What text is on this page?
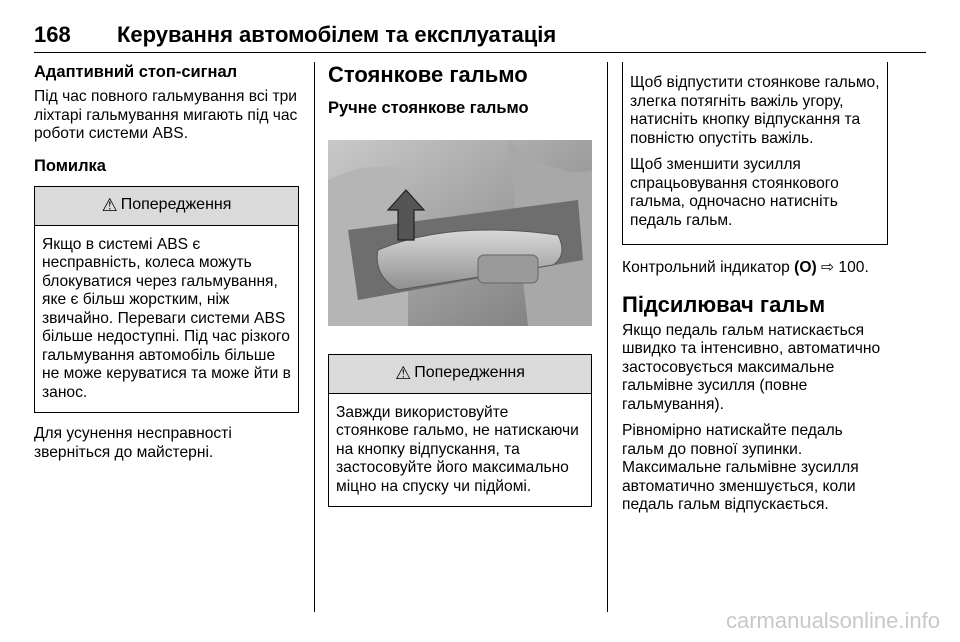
168 Керування автомобілем та експлуатація
Адаптивний стоп-сигнал

Під час повного гальмування всі три ліхтарі гальмування мигають під час роботи системи ABS.

Помилка
⚠ Попередження
Якщо в системі ABS є несправність, колеса можуть блокуватися через гальмування, яке є більш жорстким, ніж звичайно. Переваги системи ABS більше недоступні. Під час різкого гальмування автомобіль більше не може керуватися та може йти в занос.

Для усунення несправності зверніться до майстерні.

Стоянкове гальмо
Ручне стоянкове гальмо
⚠ Попередження
Завжди використовуйте стоянкове гальмо, не натискаючи на кнопку відпускання, та застосовуйте його максимально міцно на спуску чи підйомі.

Щоб відпустити стоянкове гальмо, злегка потягніть важіль угору, натисніть кнопку відпускання та повністю опустіть важіль.

Щоб зменшити зусилля спрацьовування стоянкового гальма, одночасно натисніть педаль гальм.

Контрольний індикатор (O) ⇨ 100.

Підсилювач гальм

Якщо педаль гальм натискається швидко та інтенсивно, автоматично застосовується максимальне гальмівне зусилля (повне гальмування).

Рівномірно натискайте педаль гальм до повної зупинки. Максимальне гальмівне зусилля автоматично зменшується, коли педаль гальм відпускається.

carmanualsonline.info
